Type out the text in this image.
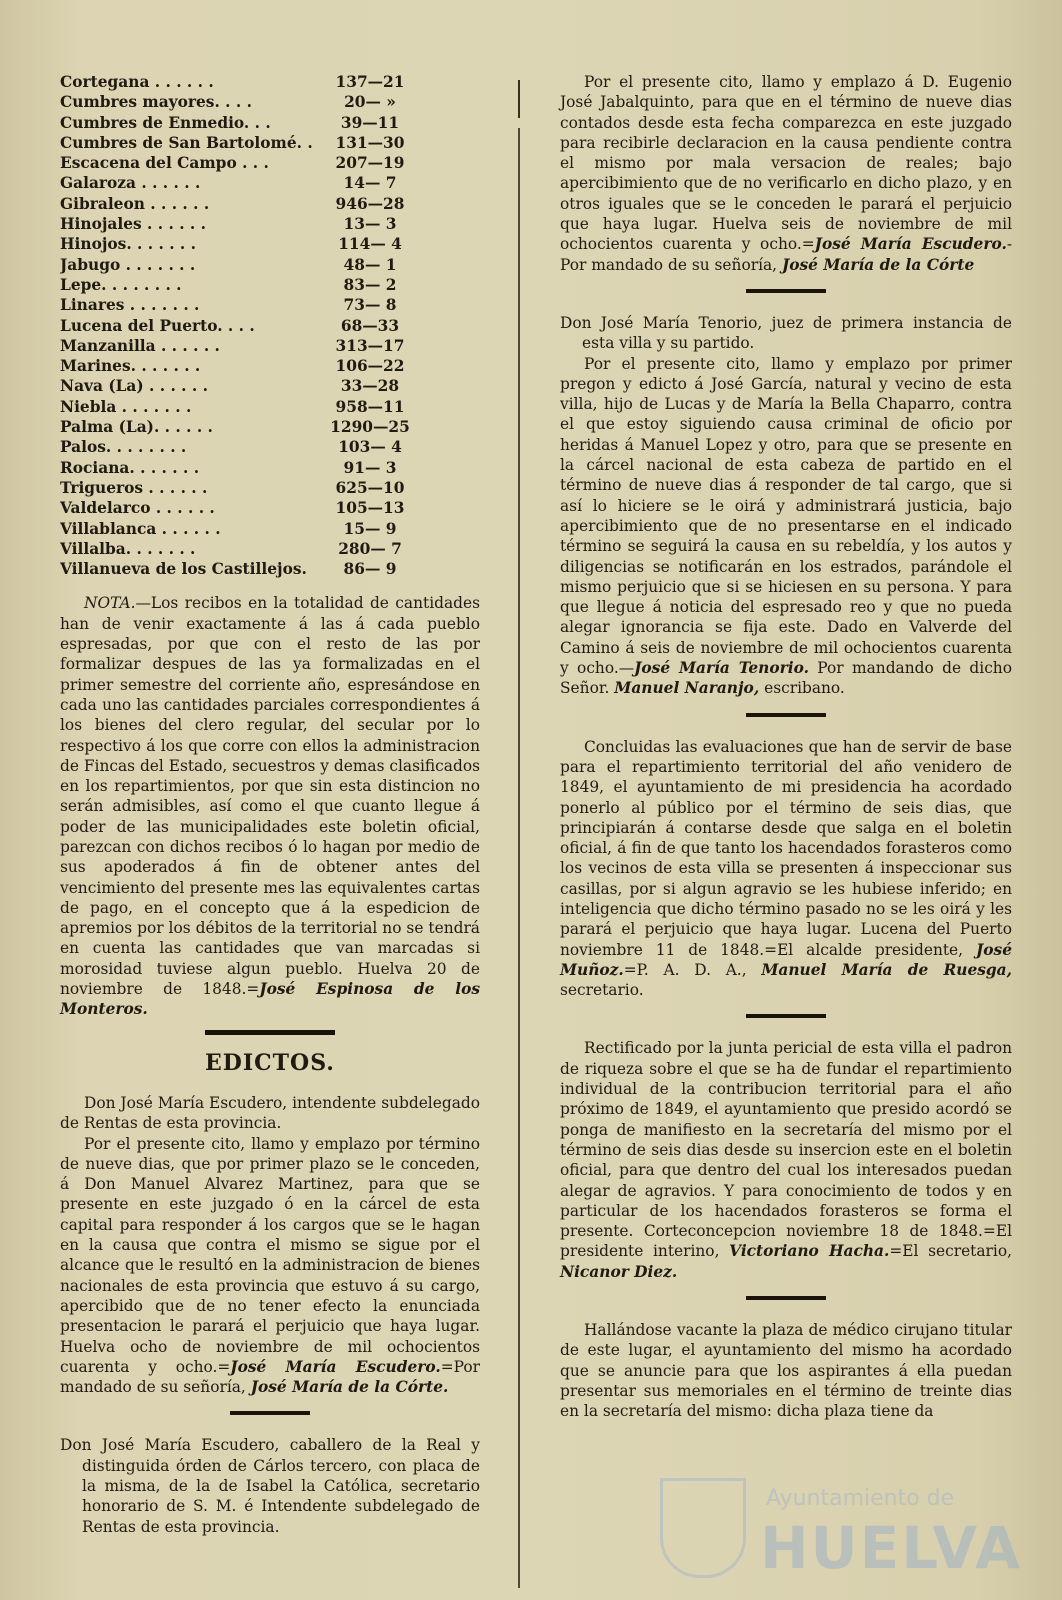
Cortegana . . . . . .	137—21
Cumbres mayores. . . .	20— »
Cumbres de Enmedio. . .	39—11
Cumbres de San Bartolomé. .	131—30
Escacena del Campo . . .	207—19
Galaroza . . . . . .	14— 7
Gibraleon . . . . . .	946—28
Hinojales . . . . . .	13— 3
Hinojos. . . . . . .	114— 4
Jabugo . . . . . . .	48— 1
Lepe. . . . . . . .	83— 2
Linares . . . . . . .	73— 8
Lucena del Puerto. . . .	68—33
Manzanilla . . . . . .	313—17
Marines. . . . . . .	106—22
Nava (La) . . . . . .	33—28
Niebla . . . . . . .	958—11
Palma (La). . . . . .	1290—25
Palos. . . . . . . .	103— 4
Rociana. . . . . . .	91— 3
Trigueros . . . . . .	625—10
Valdelarco . . . . . .	105—13
Villablanca . . . . . .	15— 9
Villalba. . . . . . .	280— 7
Villanueva de los Castillejos.	86— 9

NOTA.—Los recibos en la totalidad de cantidades han de venir exactamente á las á cada pueblo espresadas, por que con el resto de las por formalizar despues de las ya formalizadas en el primer semestre del corriente año, espresándose en cada uno las cantidades parciales correspondientes á los bienes del clero regular, del secular por lo respectivo á los que corre con ellos la administracion de Fincas del Estado, secuestros y demas clasificados en los repartimientos, por que sin esta distincion no serán admisibles, así como el que cuanto llegue á poder de las municipalidades este boletin oficial, parezcan con dichos recibos ó lo hagan por medio de sus apoderados á fin de obtener antes del vencimiento del presente mes las equivalentes cartas de pago, en el concepto que á la espedicion de apremios por los débitos de la territorial no se tendrá en cuenta las cantidades que van marcadas si morosidad tuviese algun pueblo. Huelva 20 de noviembre de 1848.=José Espinosa de los Monteros.

EDICTOS.

Don José María Escudero, intendente subdelegado de Rentas de esta provincia.

Por el presente cito, llamo y emplazo por término de nueve dias, que por primer plazo se le conceden, á Don Manuel Alvarez Martinez, para que se presente en este juzgado ó en la cárcel de esta capital para responder á los cargos que se le hagan en la causa que contra el mismo se sigue por el alcance que le resultó en la administracion de bienes nacionales de esta provincia que estuvo á su cargo, apercibido que de no tener efecto la enunciada presentacion le parará el perjuicio que haya lugar. Huelva ocho de noviembre de mil ochocientos cuarenta y ocho.=José María Escudero.=Por mandado de su señoría, José María de la Córte.

Don José María Escudero, caballero de la Real y distinguida órden de Cárlos tercero, con placa de la misma, de la de Isabel la Católica, secretario honorario de S. M. é Intendente subdelegado de Rentas de esta provincia.

Por el presente cito, llamo y emplazo á D. Eugenio José Jabalquinto, para que en el término de nueve dias contados desde esta fecha comparezca en este juzgado para recibirle declaracion en la causa pendiente contra el mismo por mala versacion de reales; bajo apercibimiento que de no verificarlo en dicho plazo, y en otros iguales que se le conceden le parará el perjuicio que haya lugar. Huelva seis de noviembre de mil ochocientos cuarenta y ocho.=José María Escudero.-Por mandado de su señoría, José María de la Córte

Don José María Tenorio, juez de primera instancia de esta villa y su partido.

Por el presente cito, llamo y emplazo por primer pregon y edicto á José García, natural y vecino de esta villa, hijo de Lucas y de María la Bella Chaparro, contra el que estoy siguiendo causa criminal de oficio por heridas á Manuel Lopez y otro, para que se presente en la cárcel nacional de esta cabeza de partido en el término de nueve dias á responder de tal cargo, que si así lo hiciere se le oirá y administrará justicia, bajo apercibimiento que de no presentarse en el indicado término se seguirá la causa en su rebeldía, y los autos y diligencias se notificarán en los estrados, parándole el mismo perjuicio que si se hiciesen en su persona. Y para que llegue á noticia del espresado reo y que no pueda alegar ignorancia se fija este. Dado en Valverde del Camino á seis de noviembre de mil ochocientos cuarenta y ocho.—José María Tenorio. Por mandando de dicho Señor. Manuel Naranjo, escribano.

Concluidas las evaluaciones que han de servir de base para el repartimiento territorial del año venidero de 1849, el ayuntamiento de mi presidencia ha acordado ponerlo al público por el término de seis dias, que principiarán á contarse desde que salga en el boletin oficial, á fin de que tanto los hacendados forasteros como los vecinos de esta villa se presenten á inspeccionar sus casillas, por si algun agravio se les hubiese inferido; en inteligencia que dicho término pasado no se les oirá y les parará el perjuicio que haya lugar. Lucena del Puerto noviembre 11 de 1848.=El alcalde presidente, José Muñoz.=P. A. D. A., Manuel María de Ruesga, secretario.

Rectificado por la junta pericial de esta villa el padron de riqueza sobre el que se ha de fundar el repartimiento individual de la contribucion territorial para el año próximo de 1849, el ayuntamiento que presido acordó se ponga de manifiesto en la secretaría del mismo por el término de seis dias desde su insercion este en el boletin oficial, para que dentro del cual los interesados puedan alegar de agravios. Y para conocimiento de todos y en particular de los hacendados forasteros se forma el presente. Corteconcepcion noviembre 18 de 1848.=El presidente interino, Victoriano Hacha.=El secretario, Nicanor Diez.

Hallándose vacante la plaza de médico cirujano titular de este lugar, el ayuntamiento del mismo ha acordado que se anuncie para que los aspirantes á ella puedan presentar sus memoriales en el término de treinte dias en la secretaría del mismo: dicha plaza tiene da

Ayuntamiento de
HUELVA
